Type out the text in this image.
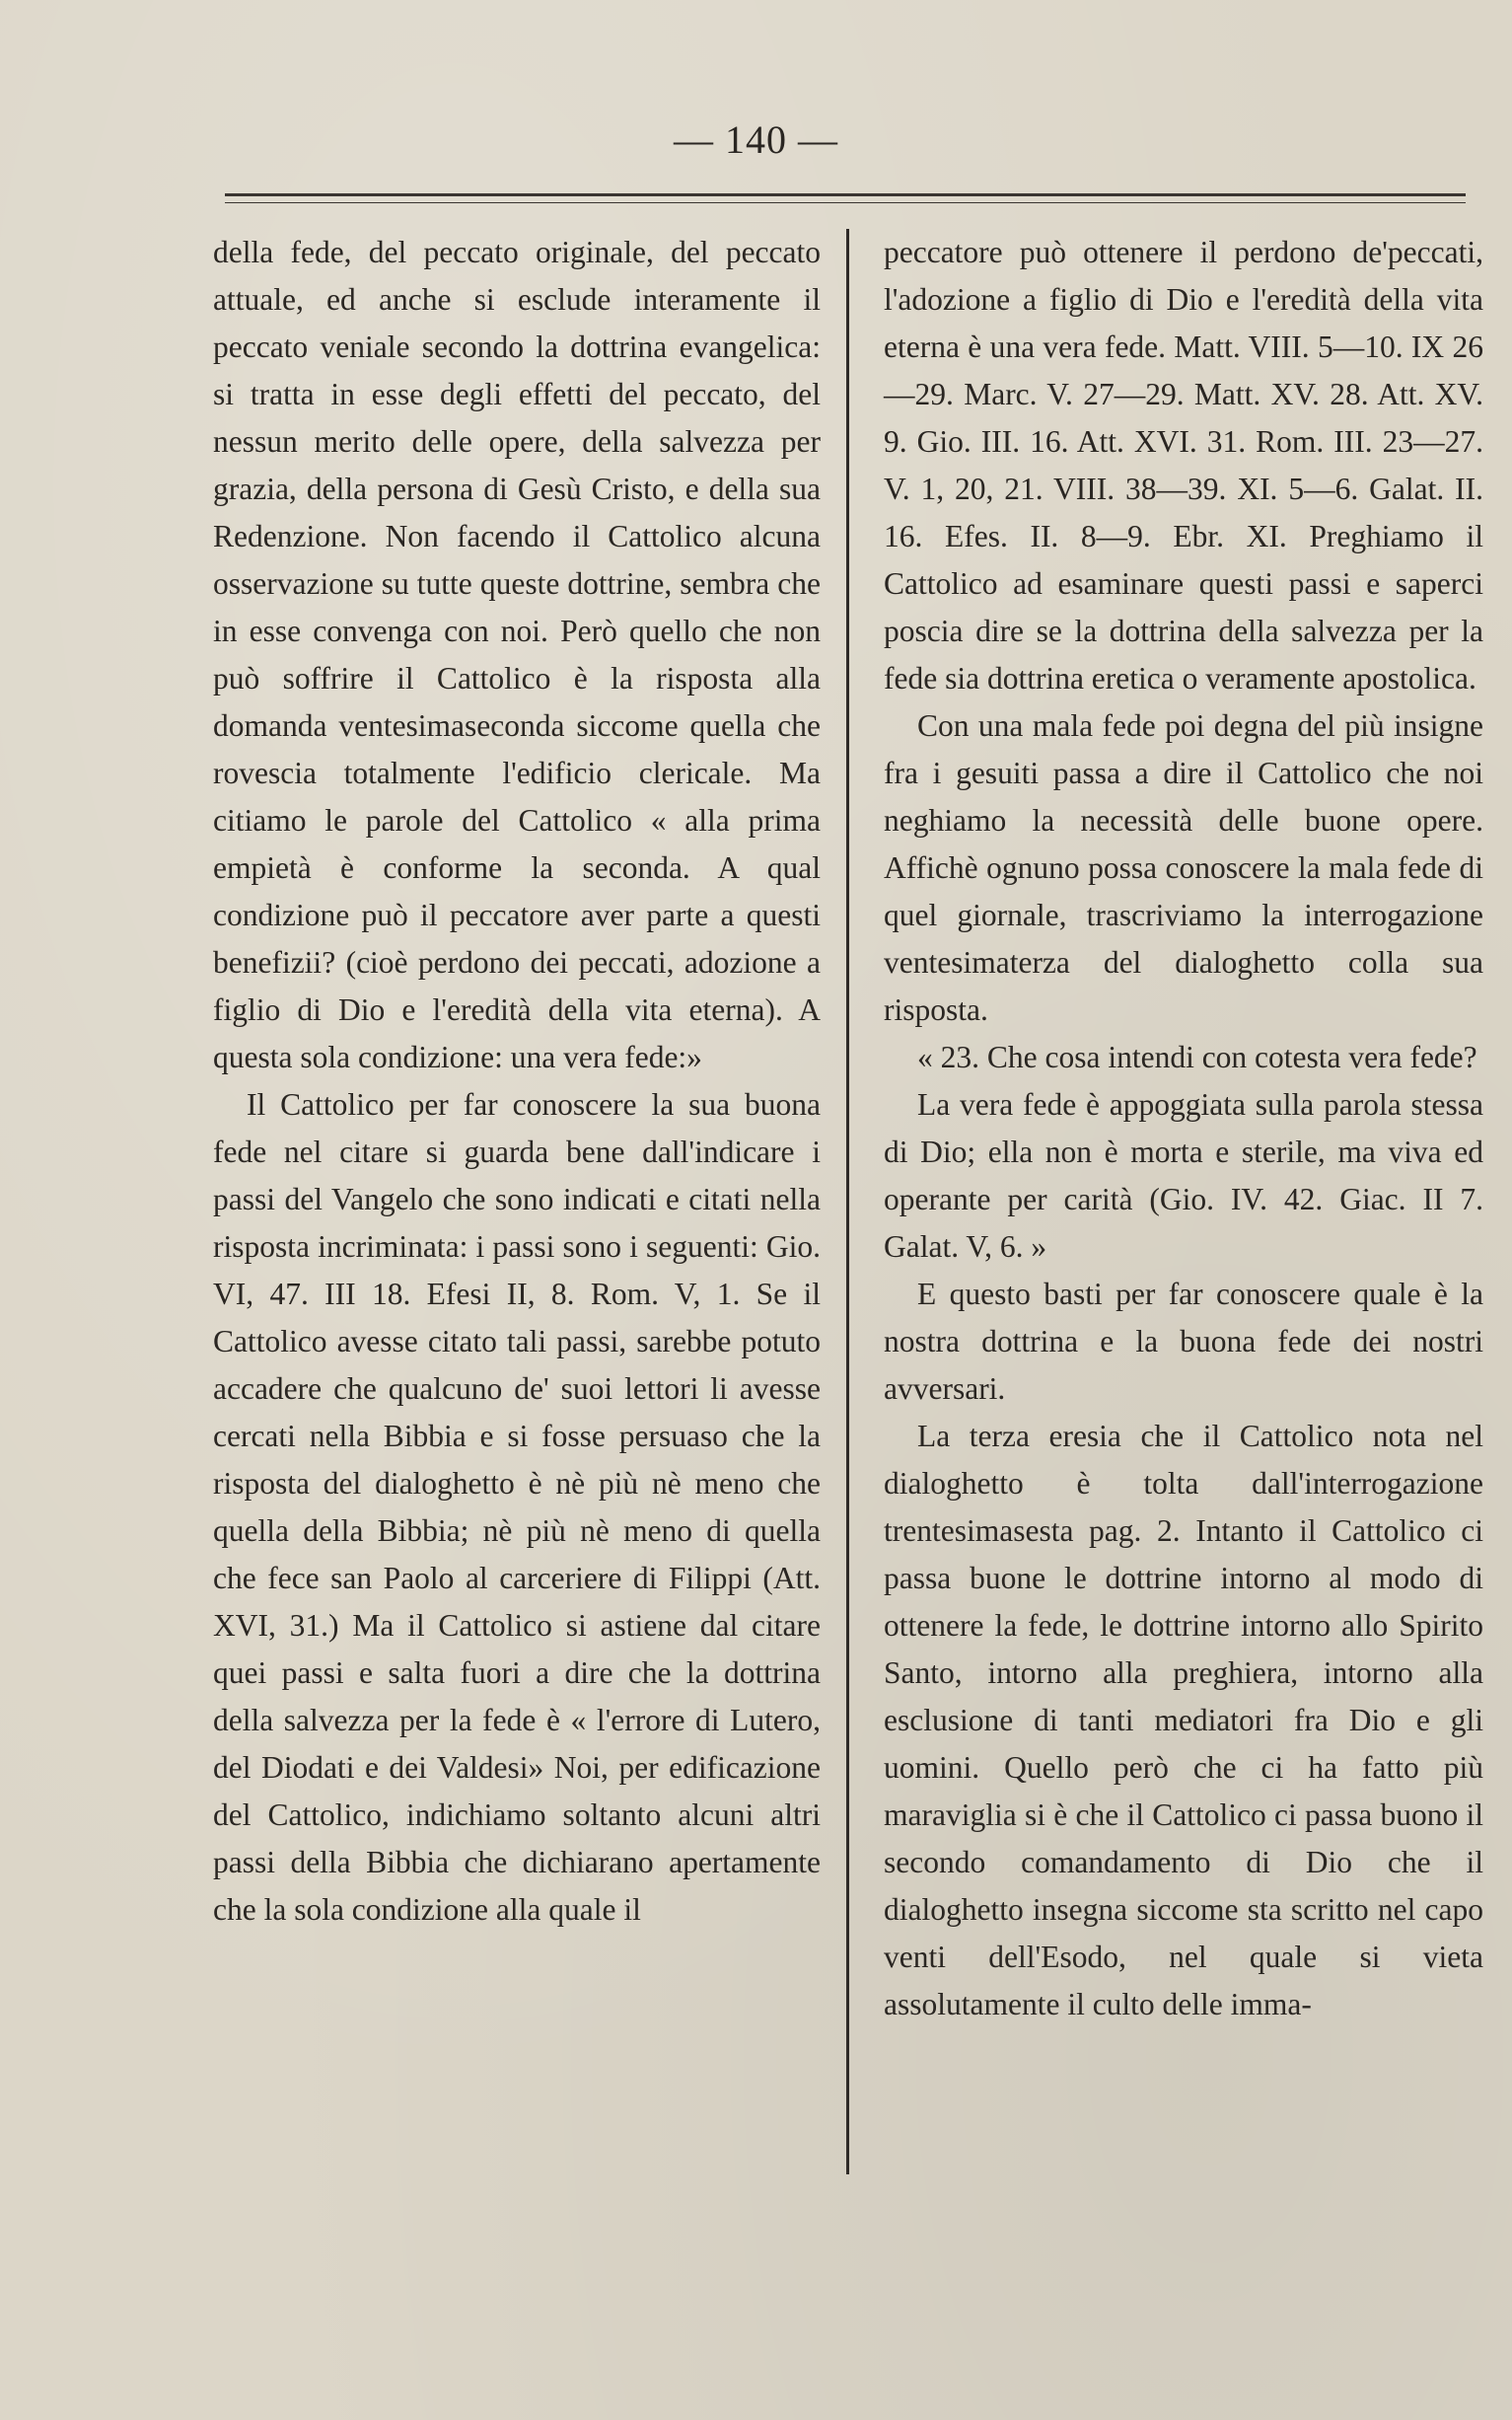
— 140 —

della fede, del peccato originale, del peccato attuale, ed anche si esclude interamente il peccato veniale secondo la dottrina evangelica: si tratta in esse degli effetti del peccato, del nessun merito delle opere, della salvezza per grazia, della persona di Gesù Cristo, e della sua Redenzione. Non facendo il Cattolico alcuna osservazione su tutte queste dottrine, sembra che in esse convenga con noi. Però quello che non può soffrire il Cattolico è la risposta alla domanda ventesimaseconda siccome quella che rovescia totalmente l'edificio clericale. Ma citiamo le parole del Cattolico « alla prima empietà è conforme la seconda. A qual condizione può il peccatore aver parte a questi benefizii? (cioè perdono dei peccati, adozione a figlio di Dio e l'eredità della vita eterna). A questa sola condizione: una vera fede:»

Il Cattolico per far conoscere la sua buona fede nel citare si guarda bene dall'indicare i passi del Vangelo che sono indicati e citati nella risposta incriminata: i passi sono i seguenti: Gio. VI, 47. III 18. Efesi II, 8. Rom. V, 1. Se il Cattolico avesse citato tali passi, sarebbe potuto accadere che qualcuno de' suoi lettori li avesse cercati nella Bibbia e si fosse persuaso che la risposta del dialoghetto è nè più nè meno che quella della Bibbia; nè più nè meno di quella che fece san Paolo al carceriere di Filippi (Att. XVI, 31.) Ma il Cattolico si astiene dal citare quei passi e salta fuori a dire che la dottrina della salvezza per la fede è « l'errore di Lutero, del Diodati e dei Valdesi» Noi, per edificazione del Cattolico, indichiamo soltanto alcuni altri passi della Bibbia che dichiarano apertamente che la sola condizione alla quale il

peccatore può ottenere il perdono de'peccati, l'adozione a figlio di Dio e l'eredità della vita eterna è una vera fede. Matt. VIII. 5—10. IX 26—29. Marc. V. 27—29. Matt. XV. 28. Att. XV. 9. Gio. III. 16. Att. XVI. 31. Rom. III. 23—27. V. 1, 20, 21. VIII. 38—39. XI. 5—6. Galat. II. 16. Efes. II. 8—9. Ebr. XI. Preghiamo il Cattolico ad esaminare questi passi e saperci poscia dire se la dottrina della salvezza per la fede sia dottrina eretica o veramente apostolica.

Con una mala fede poi degna del più insigne fra i gesuiti passa a dire il Cattolico che noi neghiamo la necessità delle buone opere. Affichè ognuno possa conoscere la mala fede di quel giornale, trascriviamo la interrogazione ventesimaterza del dialoghetto colla sua risposta.

« 23. Che cosa intendi con cotesta vera fede?

La vera fede è appoggiata sulla parola stessa di Dio; ella non è morta e sterile, ma viva ed operante per carità (Gio. IV. 42. Giac. II 7. Galat. V, 6. »

E questo basti per far conoscere quale è la nostra dottrina e la buona fede dei nostri avversari.

La terza eresia che il Cattolico nota nel dialoghetto è tolta dall'interrogazione trentesimasesta pag. 2. Intanto il Cattolico ci passa buone le dottrine intorno al modo di ottenere la fede, le dottrine intorno allo Spirito Santo, intorno alla preghiera, intorno alla esclusione di tanti mediatori fra Dio e gli uomini. Quello però che ci ha fatto più maraviglia si è che il Cattolico ci passa buono il secondo comandamento di Dio che il dialoghetto insegna siccome sta scritto nel capo venti dell'Esodo, nel quale si vieta assolutamente il culto delle imma-
